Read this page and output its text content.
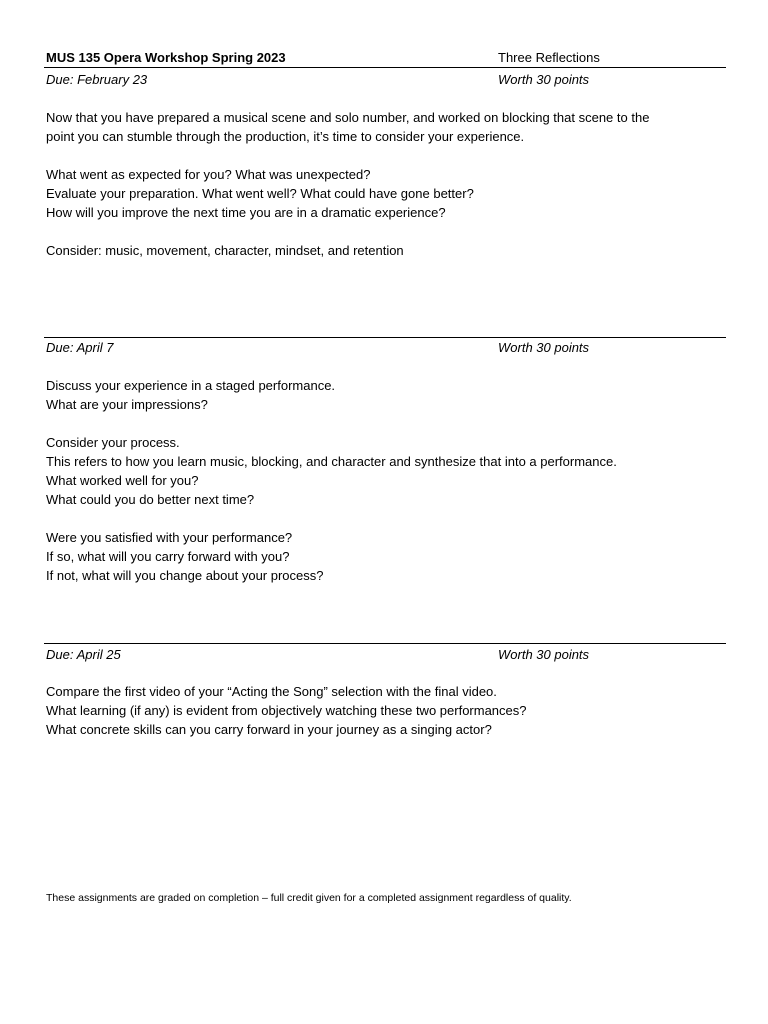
MUS 135 Opera Workshop Spring 2023	Three Reflections
Due: February 23	Worth 30 points
Now that you have prepared a musical scene and solo number, and worked on blocking that scene to the
point you can stumble through the production, it’s time to consider your experience.
What went as expected for you? What was unexpected?
Evaluate your preparation. What went well? What could have gone better?
How will you improve the next time you are in a dramatic experience?
Consider: music, movement, character, mindset, and retention
Due: April 7	Worth 30 points
Discuss your experience in a staged performance.
What are your impressions?
Consider your process.
This refers to how you learn music, blocking, and character and synthesize that into a performance.
What worked well for you?
What could you do better next time?
Were you satisfied with your performance?
If so, what will you carry forward with you?
If not, what will you change about your process?
Due: April 25	Worth 30 points
Compare the first video of your “Acting the Song” selection with the final video.
What learning (if any) is evident from objectively watching these two performances?
What concrete skills can you carry forward in your journey as a singing actor?
These assignments are graded on completion – full credit given for a completed assignment regardless of quality.
